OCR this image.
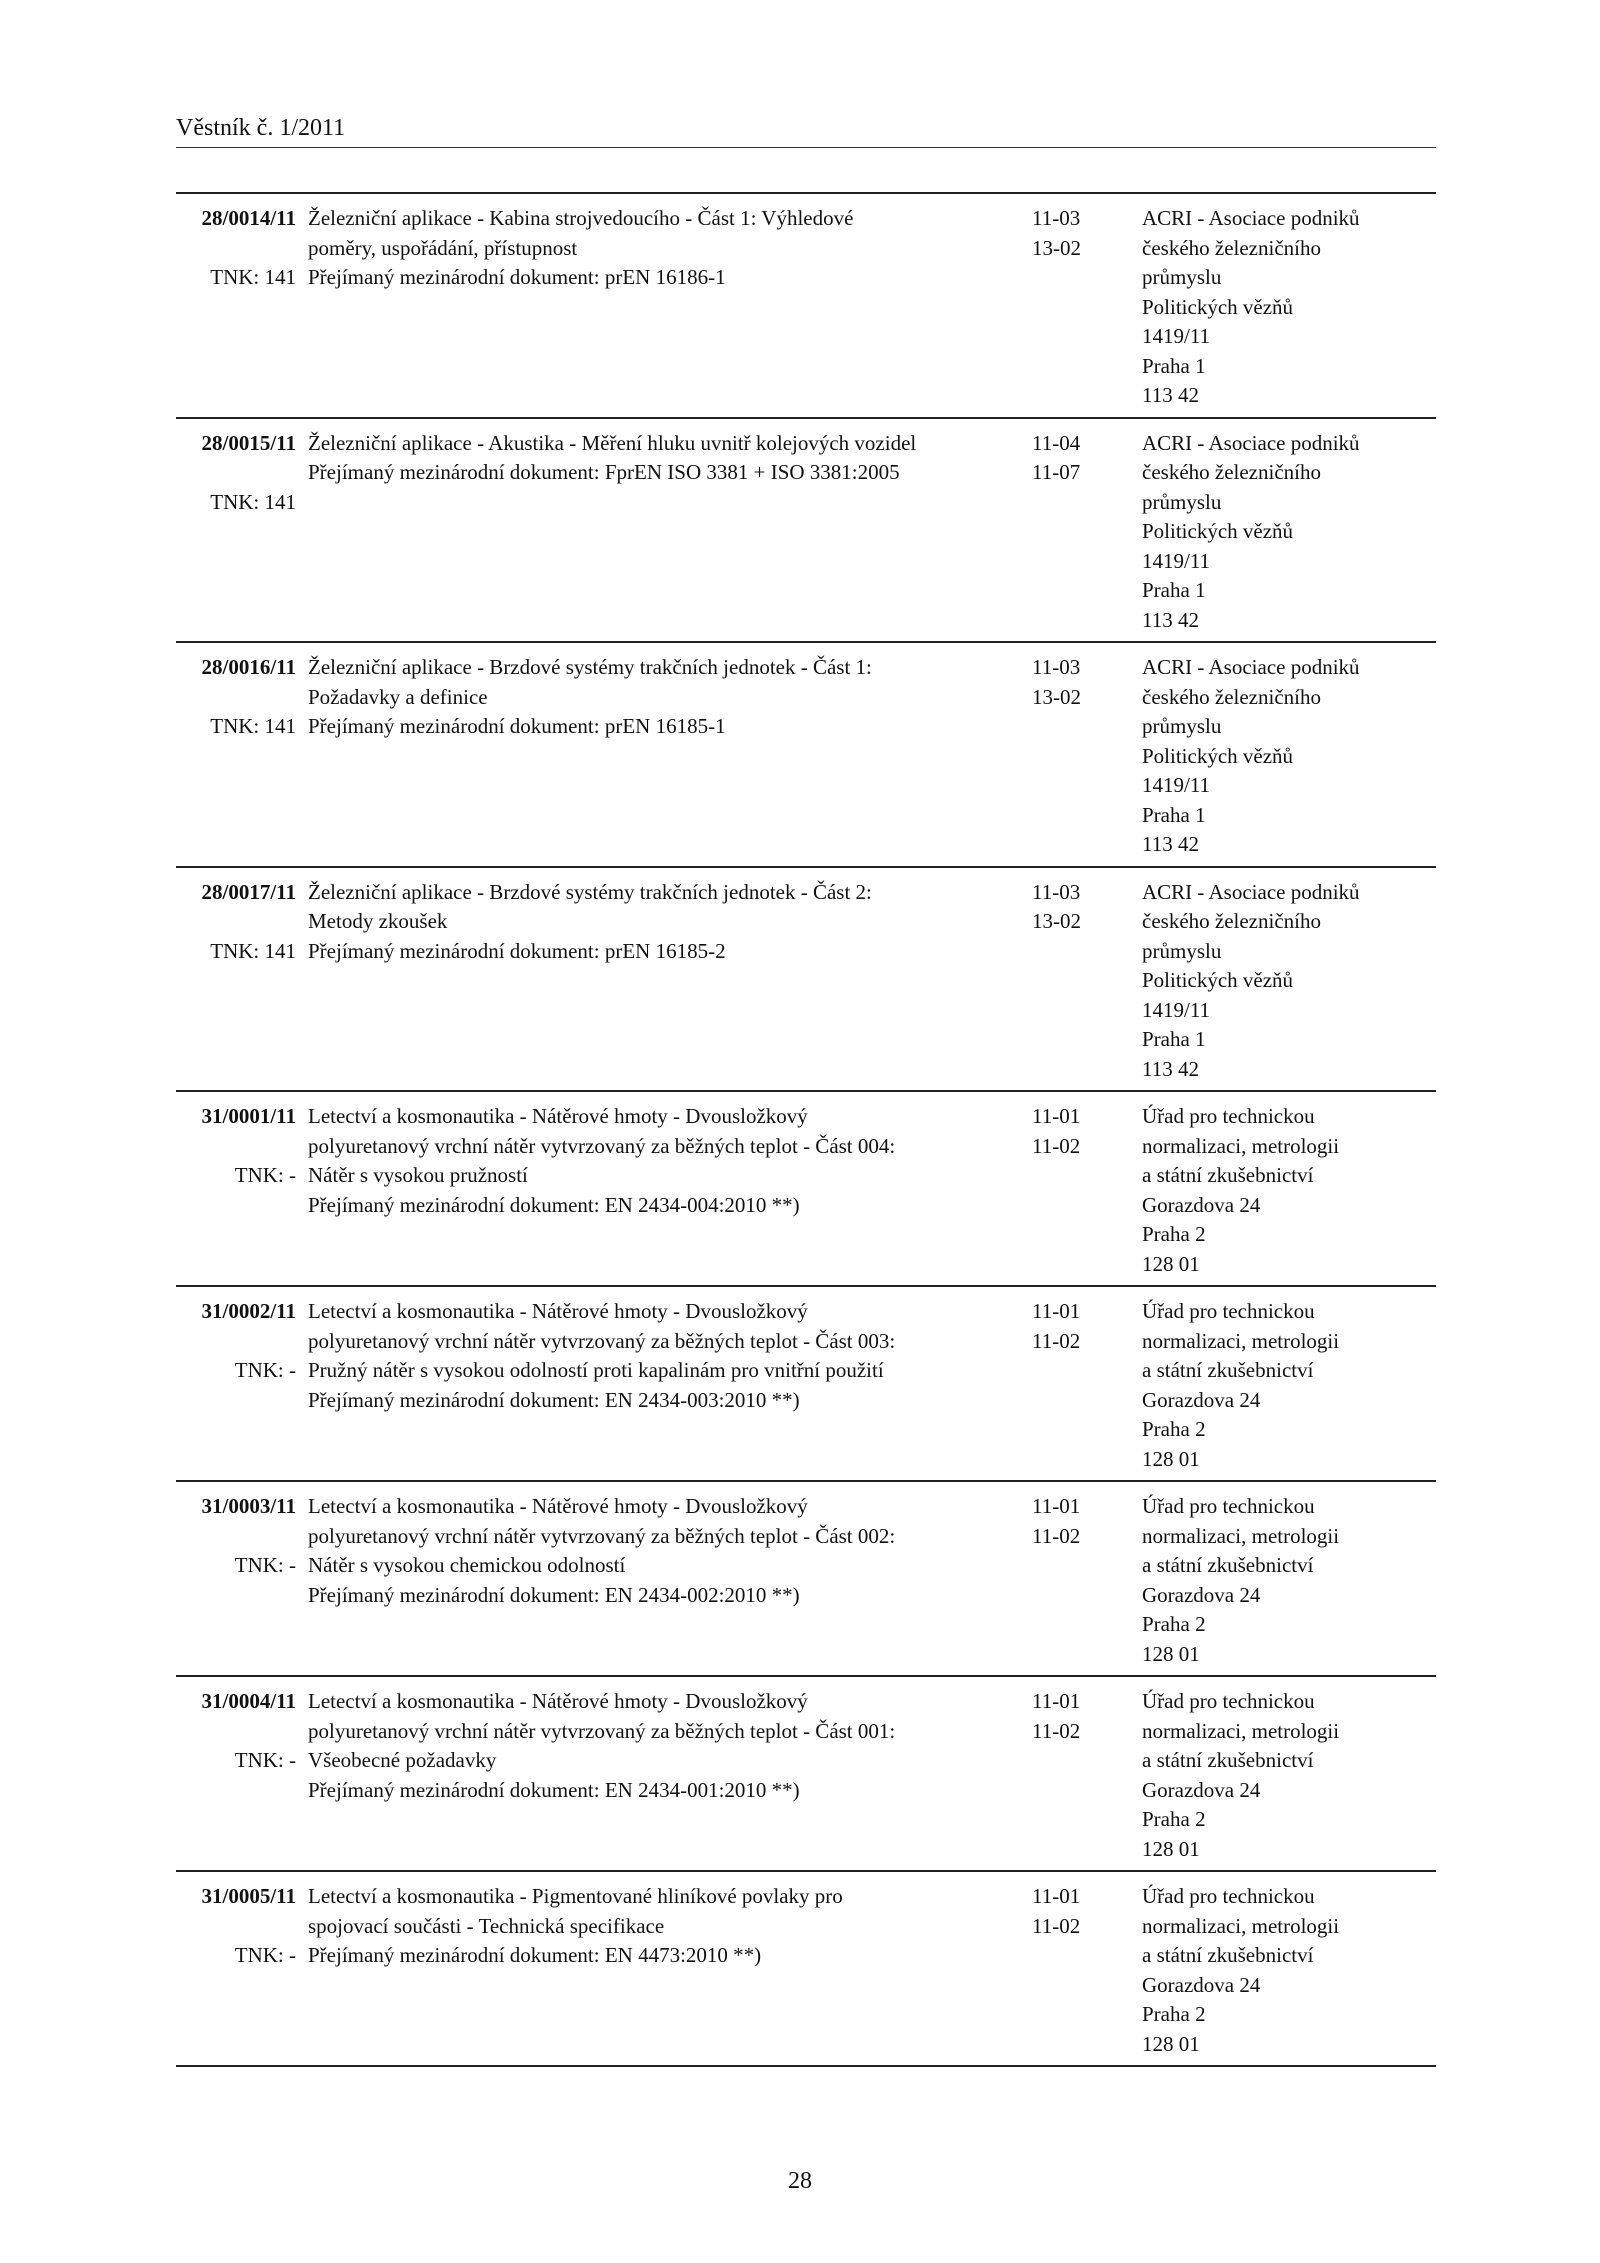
Věstník č. 1/2011
28/0014/11
TNK: 141
Železniční aplikace - Kabina strojvedoucího - Část 1: Výhledové
poměry, uspořádání, přístupnost
Přejímaný mezinárodní dokument: prEN 16186-1
11-03
13-02
ACRI - Asociace podniků
českého železničního
průmyslu
Politických vězňů
1419/11
Praha 1
113 42
28/0015/11
TNK: 141
Železniční aplikace - Akustika - Měření hluku uvnitř kolejových vozidel
Přejímaný mezinárodní dokument: FprEN ISO 3381 + ISO 3381:2005
11-04
11-07
ACRI - Asociace podniků
českého železničního
průmyslu
Politických vězňů
1419/11
Praha 1
113 42
28/0016/11
TNK: 141
Železniční aplikace - Brzdové systémy trakčních jednotek - Část 1:
Požadavky a definice
Přejímaný mezinárodní dokument: prEN 16185-1
11-03
13-02
ACRI - Asociace podniků
českého železničního
průmyslu
Politických vězňů
1419/11
Praha 1
113 42
28/0017/11
TNK: 141
Železniční aplikace - Brzdové systémy trakčních jednotek - Část 2:
Metody zkoušek
Přejímaný mezinárodní dokument: prEN 16185-2
11-03
13-02
ACRI - Asociace podniků
českého železničního
průmyslu
Politických vězňů
1419/11
Praha 1
113 42
31/0001/11
TNK: -
Letectví a kosmonautika - Nátěrové hmoty - Dvousložkový
polyuretanový vrchní nátěr vytvrzovaný za běžných teplot - Část 004:
Nátěr s vysokou pružností
Přejímaný mezinárodní dokument: EN 2434-004:2010 **)
11-01
11-02
Úřad pro technickou
normalizaci, metrologii
a státní zkušebnictví
Gorazdova 24
Praha 2
128 01
31/0002/11
TNK: -
Letectví a kosmonautika - Nátěrové hmoty - Dvousložkový
polyuretanový vrchní nátěr vytvrzovaný za běžných teplot - Část 003:
Pružný nátěr s vysokou odolností proti kapalinám pro vnitřní použití
Přejímaný mezinárodní dokument: EN 2434-003:2010 **)
11-01
11-02
Úřad pro technickou
normalizaci, metrologii
a státní zkušebnictví
Gorazdova 24
Praha 2
128 01
31/0003/11
TNK: -
Letectví a kosmonautika - Nátěrové hmoty - Dvousložkový
polyuretanový vrchní nátěr vytvrzovaný za běžných teplot - Část 002:
Nátěr s vysokou chemickou odolností
Přejímaný mezinárodní dokument: EN 2434-002:2010 **)
11-01
11-02
Úřad pro technickou
normalizaci, metrologii
a státní zkušebnictví
Gorazdova 24
Praha 2
128 01
31/0004/11
TNK: -
Letectví a kosmonautika - Nátěrové hmoty - Dvousložkový
polyuretanový vrchní nátěr vytvrzovaný za běžných teplot - Část 001:
Všeobecné požadavky
Přejímaný mezinárodní dokument: EN 2434-001:2010 **)
11-01
11-02
Úřad pro technickou
normalizaci, metrologii
a státní zkušebnictví
Gorazdova 24
Praha 2
128 01
31/0005/11
TNK: -
Letectví a kosmonautika - Pigmentované hliníkové povlaky pro
spojovací součásti - Technická specifikace
Přejímaný mezinárodní dokument: EN 4473:2010 **)
11-01
11-02
Úřad pro technickou
normalizaci, metrologii
a státní zkušebnictví
Gorazdova 24
Praha 2
128 01
28
